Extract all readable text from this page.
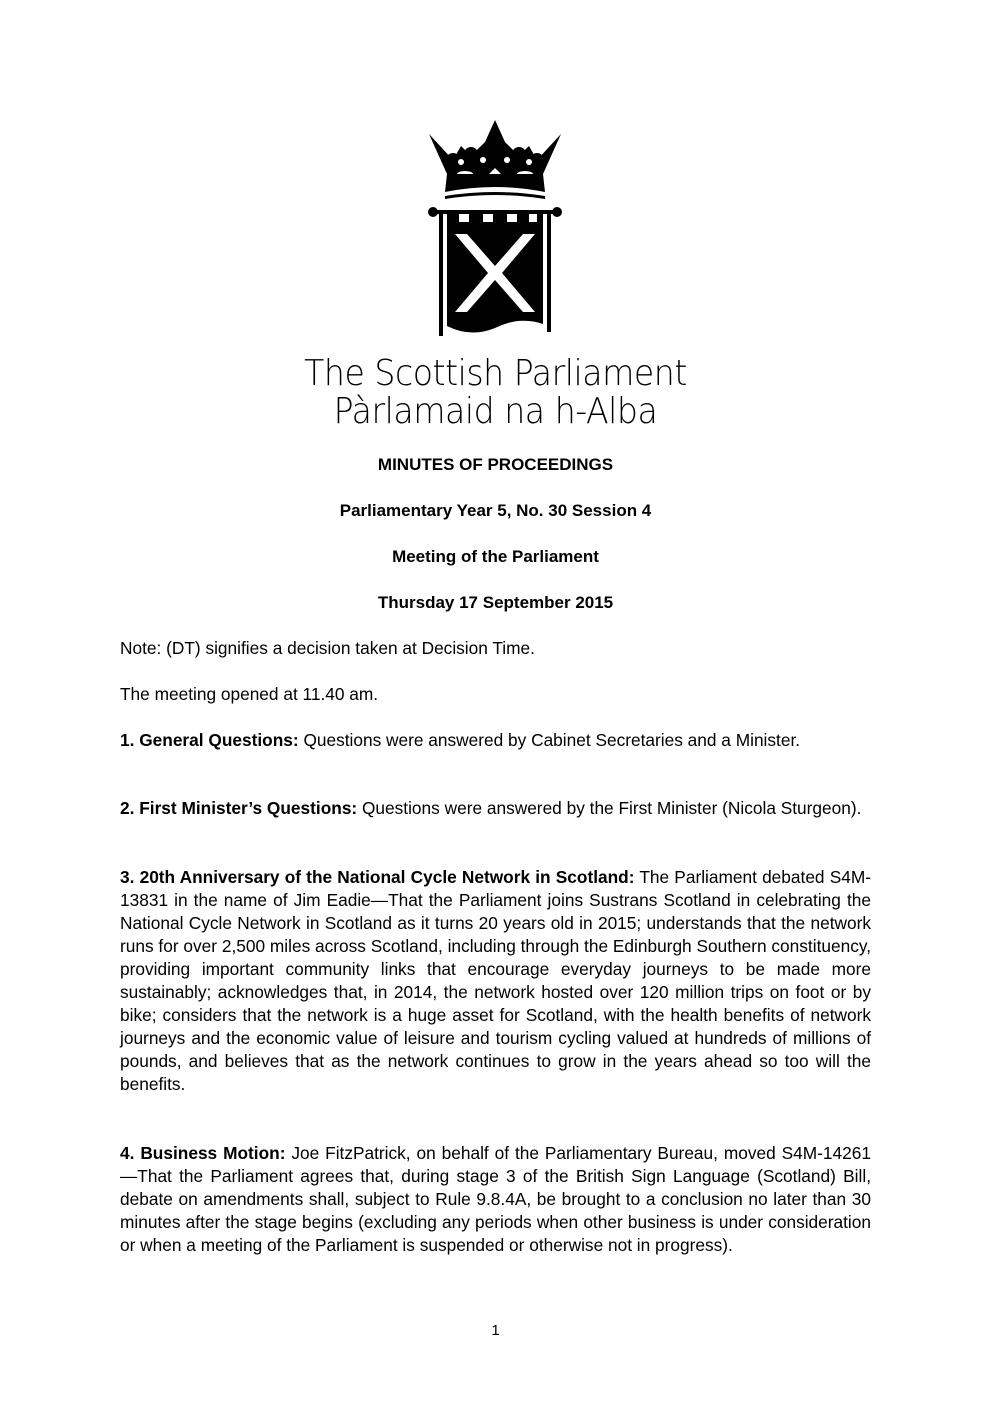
The Scottish Parliament
Pàrlamaid na h-Alba
MINUTES OF PROCEEDINGS
Parliamentary Year 5, No. 30 Session 4
Meeting of the Parliament
Thursday 17 September 2015
Note: (DT) signifies a decision taken at Decision Time.
The meeting opened at 11.40 am.
1. General Questions: Questions were answered by Cabinet Secretaries and a Minister.
2. First Minister’s Questions: Questions were answered by the First Minister (Nicola Sturgeon).
3. 20th Anniversary of the National Cycle Network in Scotland: The Parliament debated S4M-13831 in the name of Jim Eadie—That the Parliament joins Sustrans Scotland in celebrating the National Cycle Network in Scotland as it turns 20 years old in 2015; understands that the network runs for over 2,500 miles across Scotland, including through the Edinburgh Southern constituency, providing important community links that encourage everyday journeys to be made more sustainably; acknowledges that, in 2014, the network hosted over 120 million trips on foot or by bike; considers that the network is a huge asset for Scotland, with the health benefits of network journeys and the economic value of leisure and tourism cycling valued at hundreds of millions of pounds, and believes that as the network continues to grow in the years ahead so too will the benefits.
4. Business Motion: Joe FitzPatrick, on behalf of the Parliamentary Bureau, moved S4M-14261—That the Parliament agrees that, during stage 3 of the British Sign Language (Scotland) Bill, debate on amendments shall, subject to Rule 9.8.4A, be brought to a conclusion no later than 30 minutes after the stage begins (excluding any periods when other business is under consideration or when a meeting of the Parliament is suspended or otherwise not in progress).
1
